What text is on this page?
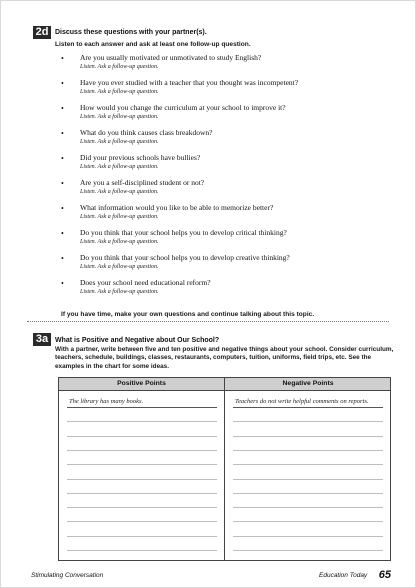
2d Discuss these questions with your partner(s).
Listen to each answer and ask at least one follow-up question.
• Are you usually motivated or unmotivated to study English?
Listen. Ask a follow-up question.
• Have you ever studied with a teacher that you thought was incompetent?
Listen. Ask a follow-up question.
• How would you change the curriculum at your school to improve it?
Listen. Ask a follow-up question.
• What do you think causes class breakdown?
Listen. Ask a follow-up question.
• Did your previous schools have bullies?
Listen. Ask a follow-up question.
• Are you a self-disciplined student or not?
Listen. Ask a follow-up question.
• What information would you like to be able to memorize better?
Listen. Ask a follow-up question.
• Do you think that your school helps you to develop critical thinking?
Listen. Ask a follow-up question.
• Do you think that your school helps you to develop creative thinking?
Listen. Ask a follow-up question.
• Does your school need educational reform?
Listen. Ask a follow-up question.
If you have time, make your own questions and continue talking about this topic.
3a What is Positive and Negative about Our School?
With a partner, write between five and ten positive and negative things about your school. Consider curriculum, teachers, schedule, buildings, classes, restaurants, computers, tuition, uniforms, field trips, etc. See the examples in the chart for some ideas.
Positive Points	Negative Points
The library has many books.	Teachers do not write helpful comments on reports.
Stimulating Conversation	Education Today 65
